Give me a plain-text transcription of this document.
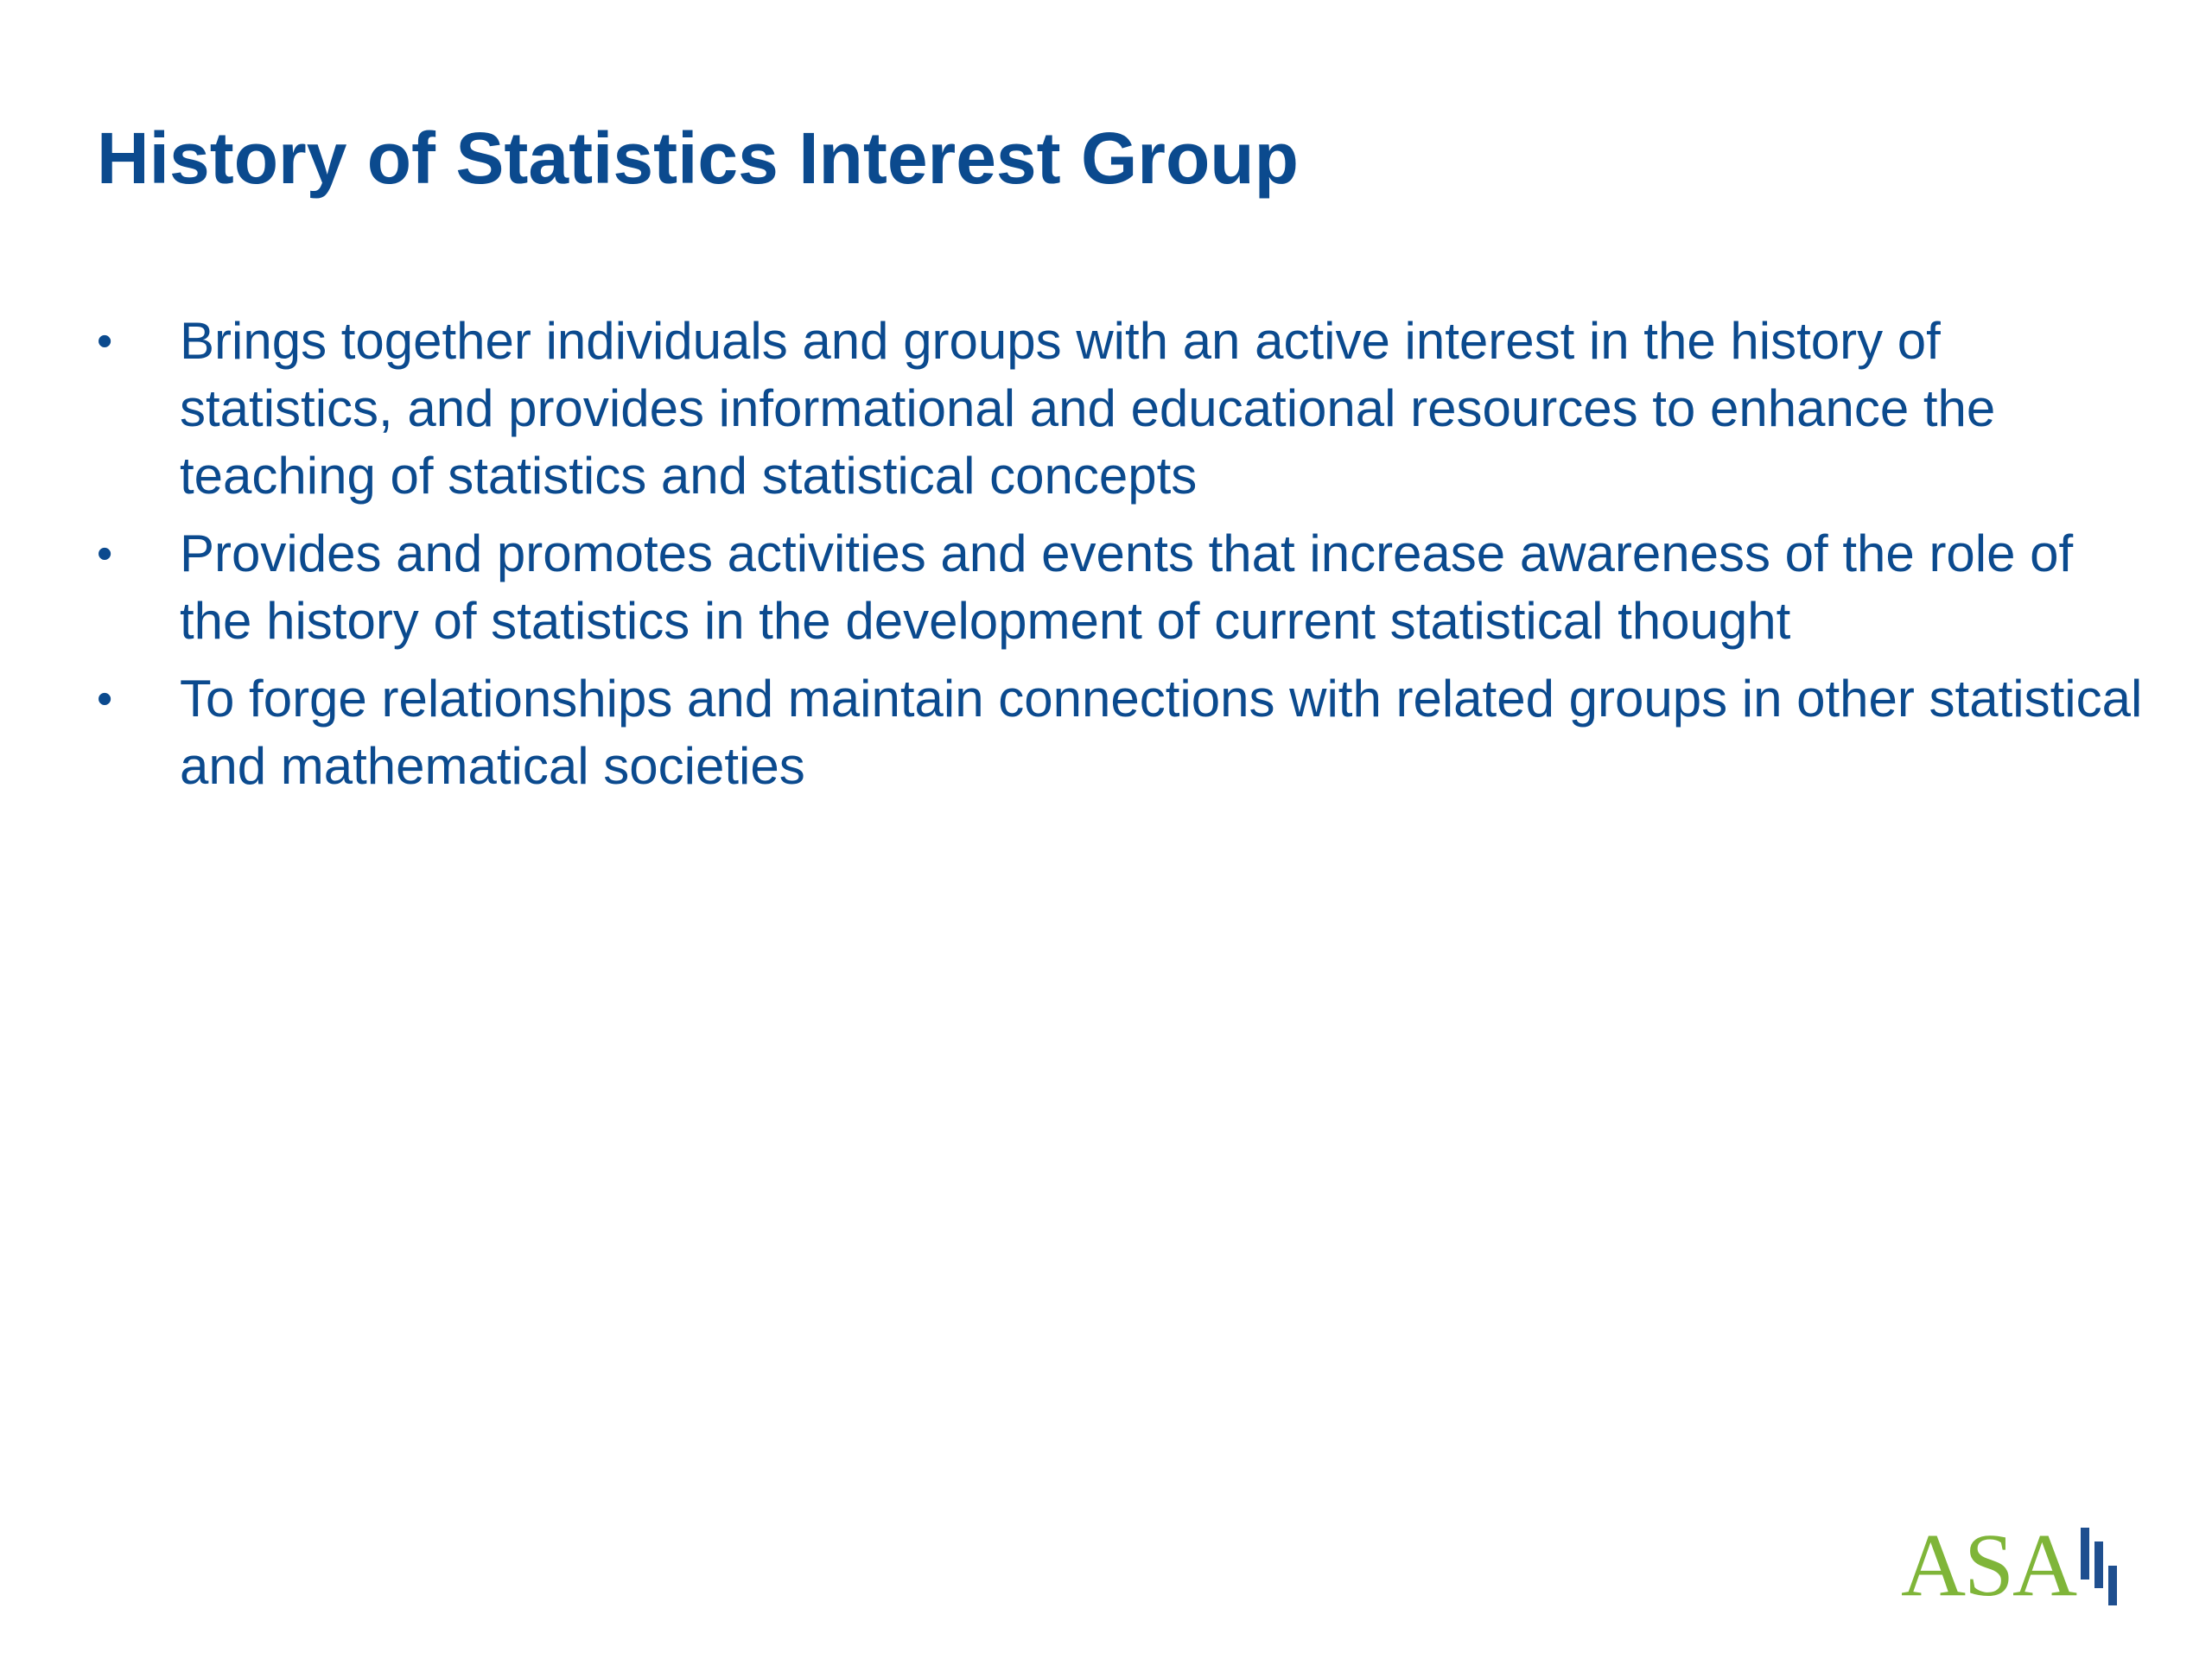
History of Statistics Interest Group
•	Brings together individuals and groups with an active interest in the history of statistics, and provides informational and educational resources to enhance the teaching of statistics and statistical concepts
•	Provides and promotes activities and events that increase awareness of the role of the history of statistics in the development of current statistical thought
•	To forge relationships and maintain connections with related groups in other statistical and mathematical societies
ASA
